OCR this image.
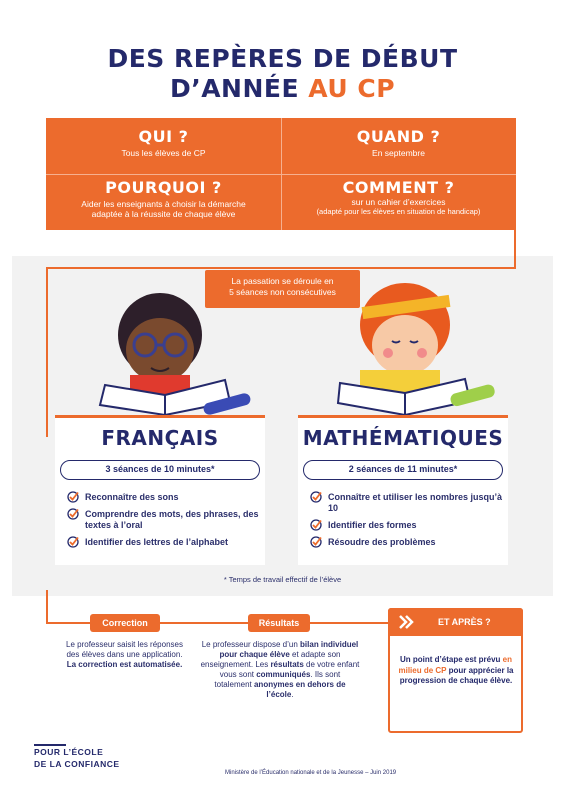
DES REPÈRES DE DÉBUT
D’ANNÉE AU CP
QUI ?
Tous les élèves de CP
QUAND ?
En septembre
POURQUOI ?
Aider les enseignants à choisir la démarche adaptée à la réussite de chaque élève
COMMENT ?
sur un cahier d’exercices
(adapté pour les élèves en situation de handicap)
La passation se déroule en
5 séances non consécutives
FRANÇAIS
3 séances de 10 minutes*
Reconnaître des sons
Comprendre des mots, des phrases, des textes à l’oral
Identifier des lettres de l’alphabet
MATHÉMATIQUES
2 séances de 11 minutes*
Connaître et utiliser les nombres jusqu’à 10
Identifier des formes
Résoudre des problèmes
* Temps de travail effectif de l’élève
Correction	Résultats
Le professeur saisit les réponses des élèves dans une application. La correction est automatisée.
Le professeur dispose d’un bilan individuel pour chaque élève et adapte son enseignement. Les résultats de votre enfant vous sont communiqués. Ils sont totalement anonymes en dehors de l’école.
ET APRÈS ?
Un point d’étape est prévu en milieu de CP pour apprécier la progression de chaque élève.
POUR L’ÉCOLE
DE LA CONFIANCE
Ministère de l’Éducation nationale et de la Jeunesse – Juin 2019
